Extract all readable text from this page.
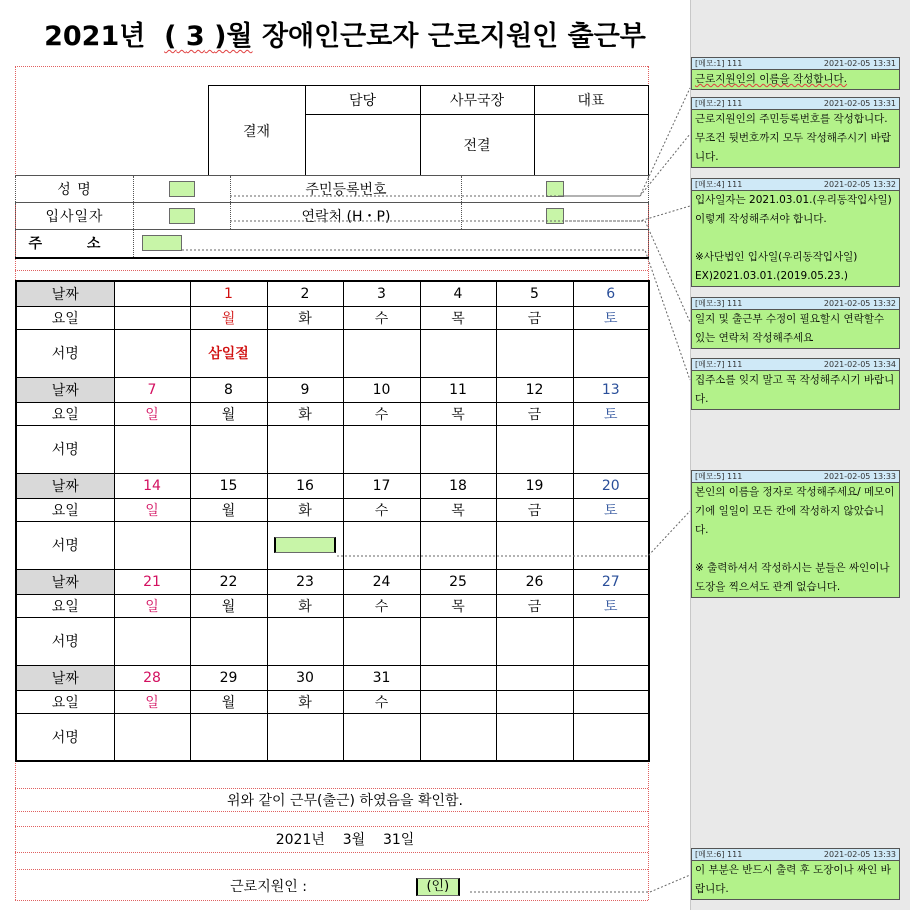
2021년 ( 3 )월 장애인근로자 근로지원인 출근부
	결재	담당	사무국장	대표
			전결	
성 명		주민등록번호	
입사일자		연락처 (H・P)	
주 소			
날짜		1	2	3	4	5	6
요일		월	화	수	목	금	토
서명		삼일절					
날짜	7	8	9	10	11	12	13
요일	일	월	화	수	목	금	토
서명							
날짜	14	15	16	17	18	19	20
요일	일	월	화	수	목	금	토
서명							
날짜	21	22	23	24	25	26	27
요일	일	월	화	수	목	금	토
서명							
날짜	28	29	30	31			
요일	일	월	화	수			
서명							
위와 같이 근무(출근) 하였음을 확인함.
2021년 3월 31일
근로지원인 :	(인)
[메모:1] 111	2021-02-05 13:31
근로지원인의 이름을 작성합니다.
[메모:2] 111	2021-02-05 13:31
근로지원인의 주민등록번호를 작성합니다. 무조건 뒷번호까지 모두 작성해주시기 바랍니다.
[메모:4] 111	2021-02-05 13:32
입사일자는 2021.03.01.(우리동작입사일) 이렇게 작성해주셔야 합니다.

※사단법인 입사일(우리동작입사일)
EX)2021.03.01.(2019.05.23.)
[메모:3] 111	2021-02-05 13:32
일지 및 출근부 수정이 필요할시 연락할수 있는 연락처 작성해주세요
[메모:7] 111	2021-02-05 13:34
집주소를 잊지 말고 꼭 작성해주시기 바랍니다.
[메모:5] 111	2021-02-05 13:33
본인의 이름을 정자로 작성해주세요/ 메모이기에 일일이 모든 칸에 작성하지 않았습니다.

※ 출력하셔서 작성하시는 분들은 싸인이나 도장을 찍으셔도 관계 없습니다.
[메모:6] 111	2021-02-05 13:33
이 부분은 반드시 출력 후 도장이나 싸인 바랍니다.
